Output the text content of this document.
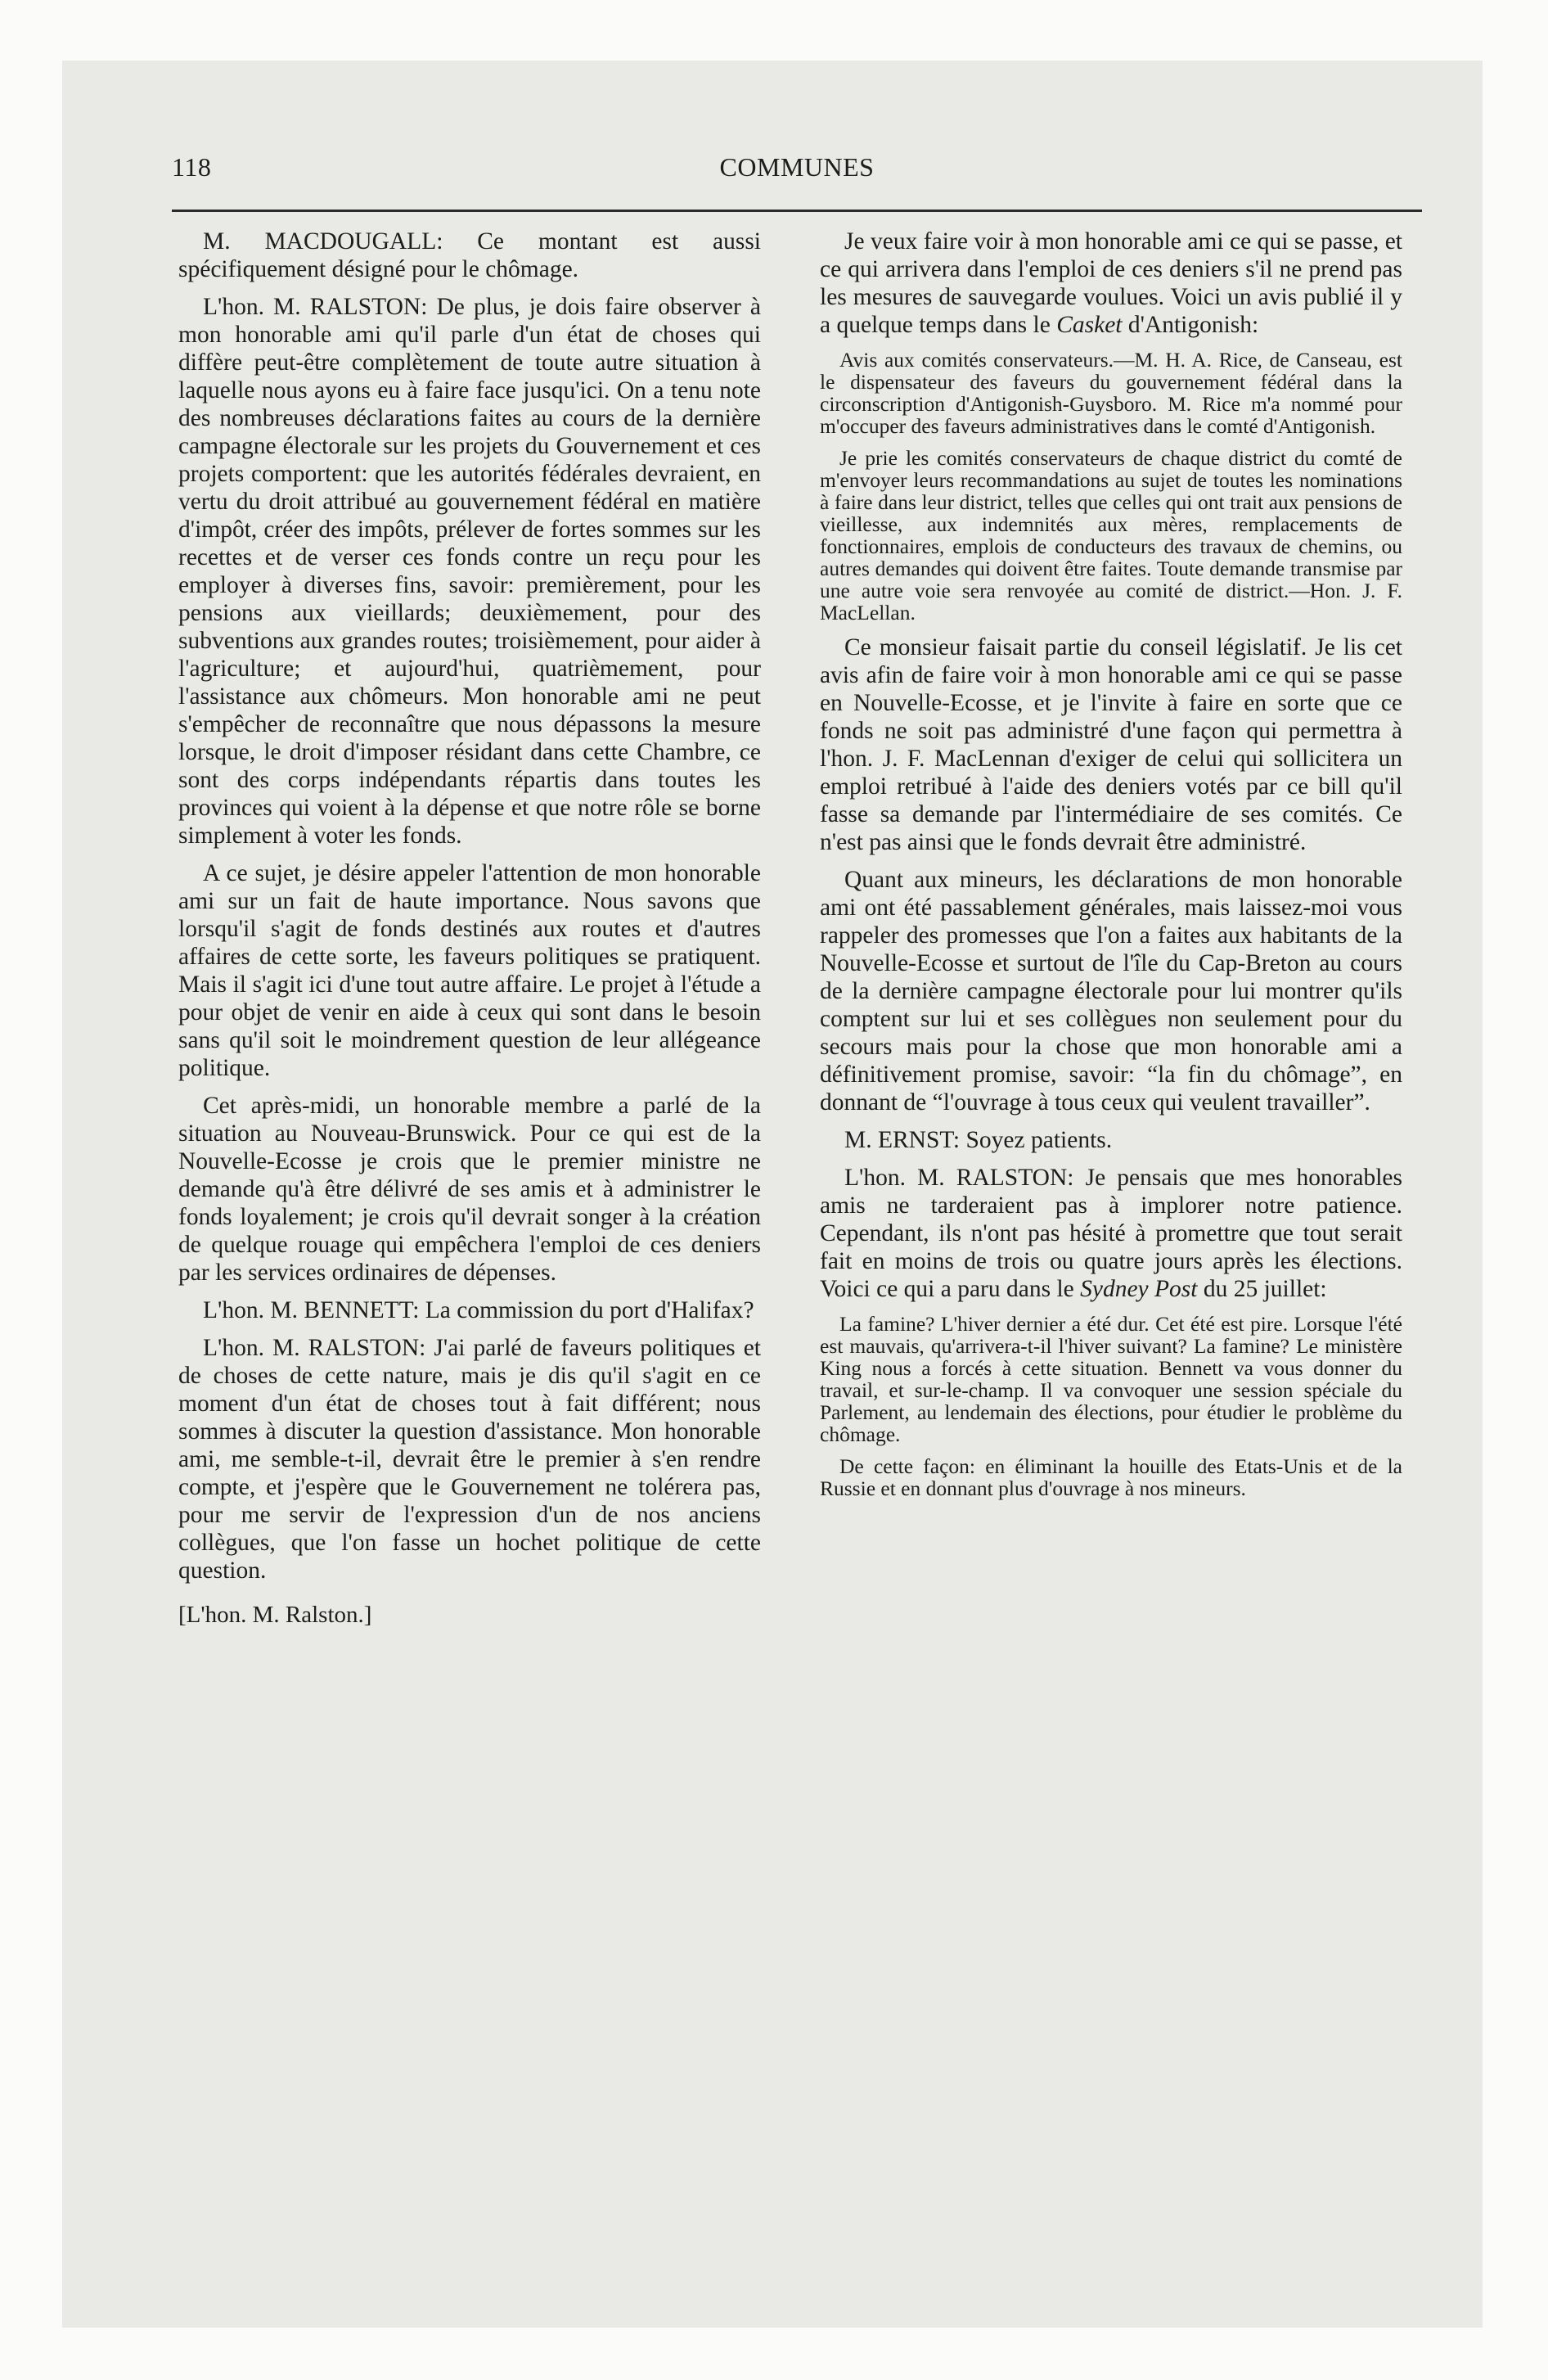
118	COMMUNES

M. MACDOUGALL: Ce montant est aussi spécifiquement désigné pour le chômage.

L'hon. M. RALSTON: De plus, je dois faire observer à mon honorable ami qu'il parle d'un état de choses qui diffère peut-être complètement de toute autre situation à laquelle nous ayons eu à faire face jusqu'ici. On a tenu note des nombreuses déclarations faites au cours de la dernière campagne électorale sur les projets du Gouvernement et ces projets comportent: que les autorités fédérales devraient, en vertu du droit attribué au gouvernement fédéral en matière d'impôt, créer des impôts, prélever de fortes sommes sur les recettes et de verser ces fonds contre un reçu pour les employer à diverses fins, savoir: premièrement, pour les pensions aux vieillards; deuxièmement, pour des subventions aux grandes routes; troisièmement, pour aider à l'agriculture; et aujourd'hui, quatrièmement, pour l'assistance aux chômeurs. Mon honorable ami ne peut s'empêcher de reconnaître que nous dépassons la mesure lorsque, le droit d'imposer résidant dans cette Chambre, ce sont des corps indépendants répartis dans toutes les provinces qui voient à la dépense et que notre rôle se borne simplement à voter les fonds.

A ce sujet, je désire appeler l'attention de mon honorable ami sur un fait de haute importance. Nous savons que lorsqu'il s'agit de fonds destinés aux routes et d'autres affaires de cette sorte, les faveurs politiques se pratiquent. Mais il s'agit ici d'une tout autre affaire. Le projet à l'étude a pour objet de venir en aide à ceux qui sont dans le besoin sans qu'il soit le moindrement question de leur allégeance politique.

Cet après-midi, un honorable membre a parlé de la situation au Nouveau-Brunswick. Pour ce qui est de la Nouvelle-Ecosse je crois que le premier ministre ne demande qu'à être délivré de ses amis et à administrer le fonds loyalement; je crois qu'il devrait songer à la création de quelque rouage qui empêchera l'emploi de ces deniers par les services ordinaires de dépenses.

L'hon. M. BENNETT: La commission du port d'Halifax?

L'hon. M. RALSTON: J'ai parlé de faveurs politiques et de choses de cette nature, mais je dis qu'il s'agit en ce moment d'un état de choses tout à fait différent; nous sommes à discuter la question d'assistance. Mon honorable ami, me semble-t-il, devrait être le premier à s'en rendre compte, et j'espère que le Gouvernement ne tolérera pas, pour me servir de l'expression d'un de nos anciens collègues, que l'on fasse un hochet politique de cette question.

[L'hon. M. Ralston.]

Je veux faire voir à mon honorable ami ce qui se passe, et ce qui arrivera dans l'emploi de ces deniers s'il ne prend pas les mesures de sauvegarde voulues. Voici un avis publié il y a quelque temps dans le Casket d'Antigonish:

Avis aux comités conservateurs.—M. H. A. Rice, de Canseau, est le dispensateur des faveurs du gouvernement fédéral dans la circonscription d'Antigonish-Guysboro. M. Rice m'a nommé pour m'occuper des faveurs administratives dans le comté d'Antigonish.

Je prie les comités conservateurs de chaque district du comté de m'envoyer leurs recommandations au sujet de toutes les nominations à faire dans leur district, telles que celles qui ont trait aux pensions de vieillesse, aux indemnités aux mères, remplacements de fonctionnaires, emplois de conducteurs des travaux de chemins, ou autres demandes qui doivent être faites. Toute demande transmise par une autre voie sera renvoyée au comité de district.—Hon. J. F. MacLellan.

Ce monsieur faisait partie du conseil législatif. Je lis cet avis afin de faire voir à mon honorable ami ce qui se passe en Nouvelle-Ecosse, et je l'invite à faire en sorte que ce fonds ne soit pas administré d'une façon qui permettra à l'hon. J. F. MacLennan d'exiger de celui qui sollicitera un emploi retribué à l'aide des deniers votés par ce bill qu'il fasse sa demande par l'intermédiaire de ses comités. Ce n'est pas ainsi que le fonds devrait être administré.

Quant aux mineurs, les déclarations de mon honorable ami ont été passablement générales, mais laissez-moi vous rappeler des promesses que l'on a faites aux habitants de la Nouvelle-Ecosse et surtout de l'île du Cap-Breton au cours de la dernière campagne électorale pour lui montrer qu'ils comptent sur lui et ses collègues non seulement pour du secours mais pour la chose que mon honorable ami a définitivement promise, savoir: “la fin du chômage”, en donnant de “l'ouvrage à tous ceux qui veulent travailler”.

M. ERNST: Soyez patients.

L'hon. M. RALSTON: Je pensais que mes honorables amis ne tarderaient pas à implorer notre patience. Cependant, ils n'ont pas hésité à promettre que tout serait fait en moins de trois ou quatre jours après les élections. Voici ce qui a paru dans le Sydney Post du 25 juillet:

La famine? L'hiver dernier a été dur. Cet été est pire. Lorsque l'été est mauvais, qu'arrivera-t-il l'hiver suivant? La famine? Le ministère King nous a forcés à cette situation. Bennett va vous donner du travail, et sur-le-champ. Il va convoquer une session spéciale du Parlement, au lendemain des élections, pour étudier le problème du chômage.

De cette façon: en éliminant la houille des Etats-Unis et de la Russie et en donnant plus d'ouvrage à nos mineurs.
